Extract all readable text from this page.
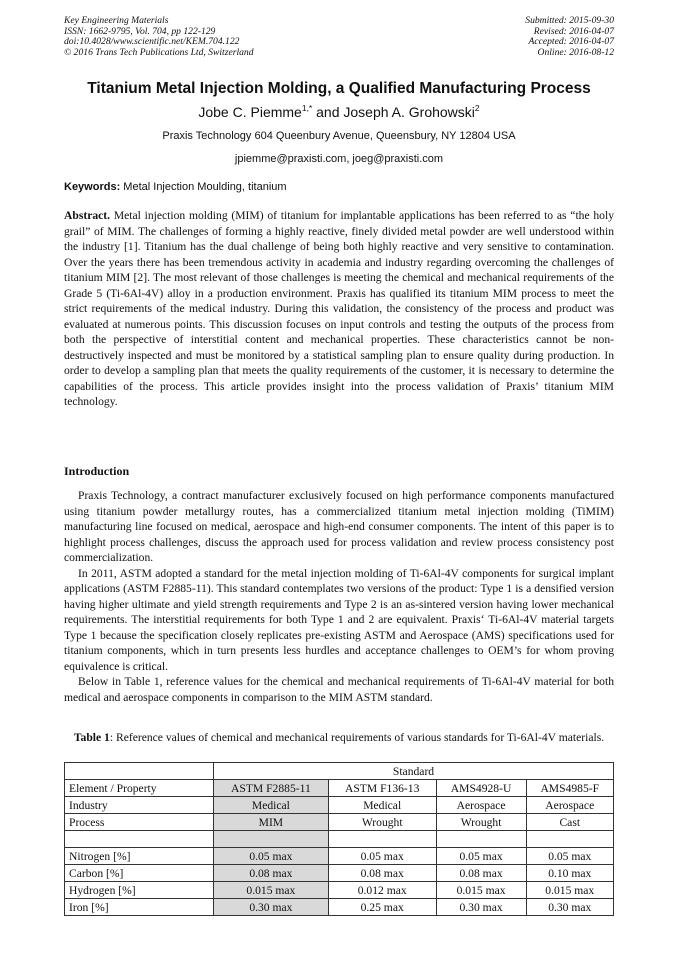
Key Engineering Materials
ISSN: 1662-9795, Vol. 704, pp 122-129
doi:10.4028/www.scientific.net/KEM.704.122
© 2016 Trans Tech Publications Ltd, Switzerland
Submitted: 2015-09-30
Revised: 2016-04-07
Accepted: 2016-04-07
Online: 2016-08-12
Titanium Metal Injection Molding, a Qualified Manufacturing Process
Jobe C. Piemme$^{1,*}$ and Joseph A. Grohowski$^2$
Praxis Technology 604 Queenbury Avenue, Queensbury, NY 12804 USA
jpiemme@praxisti.com, joeg@praxisti.com
Keywords: Metal Injection Moulding, titanium

Abstract. Metal injection molding (MIM) of titanium for implantable applications has been referred to as “the holy grail” of MIM. The challenges of forming a highly reactive, finely divided metal powder are well understood within the industry [1]. Titanium has the dual challenge of being both highly reactive and very sensitive to contamination. Over the years there has been tremendous activity in academia and industry regarding overcoming the challenges of titanium MIM [2]. The most relevant of those challenges is meeting the chemical and mechanical requirements of the Grade 5 (Ti-6Al-4V) alloy in a production environment. Praxis has qualified its titanium MIM process to meet the strict requirements of the medical industry. During this validation, the consistency of the process and product was evaluated at numerous points. This discussion focuses on input controls and testing the outputs of the process from both the perspective of interstitial content and mechanical properties. These characteristics cannot be non-destructively inspected and must be monitored by a statistical sampling plan to ensure quality during production. In order to develop a sampling plan that meets the quality requirements of the customer, it is necessary to determine the capabilities of the process. This article provides insight into the process validation of Praxis’ titanium MIM technology.

Introduction

Praxis Technology, a contract manufacturer exclusively focused on high performance components manufactured using titanium powder metallurgy routes, has a commercialized titanium metal injection molding (TiMIM) manufacturing line focused on medical, aerospace and high-end consumer components. The intent of this paper is to highlight process challenges, discuss the approach used for process validation and review process consistency post commercialization.

In 2011, ASTM adopted a standard for the metal injection molding of Ti-6Al-4V components for surgical implant applications (ASTM F2885-11). This standard contemplates two versions of the product: Type 1 is a densified version having higher ultimate and yield strength requirements and Type 2 is an as-sintered version having lower mechanical requirements. The interstitial requirements for both Type 1 and 2 are equivalent. Praxis‘ Ti-6Al-4V material targets Type 1 because the specification closely replicates pre-existing ASTM and Aerospace (AMS) specifications used for titanium components, which in turn presents less hurdles and acceptance challenges to OEM’s for whom proving equivalence is critical.

Below in Table 1, reference values for the chemical and mechanical requirements of Ti-6Al-4V material for both medical and aerospace components in comparison to the MIM ASTM standard.

Table 1: Reference values of chemical and mechanical requirements of various standards for Ti-6Al-4V materials.
	Standard			
Element / Property	ASTM F2885-11	ASTM F136-13	AMS4928-U	AMS4985-F
Industry	Medical	Medical	Aerospace	Aerospace
Process	MIM	Wrought	Wrought	Cast

Nitrogen [%]	0.05 max	0.05 max	0.05 max	0.05 max
Carbon [%]	0.08 max	0.08 max	0.08 max	0.10 max
Hydrogen [%]	0.015 max	0.012 max	0.015 max	0.015 max
Iron [%]	0.30 max	0.25 max	0.30 max	0.30 max
